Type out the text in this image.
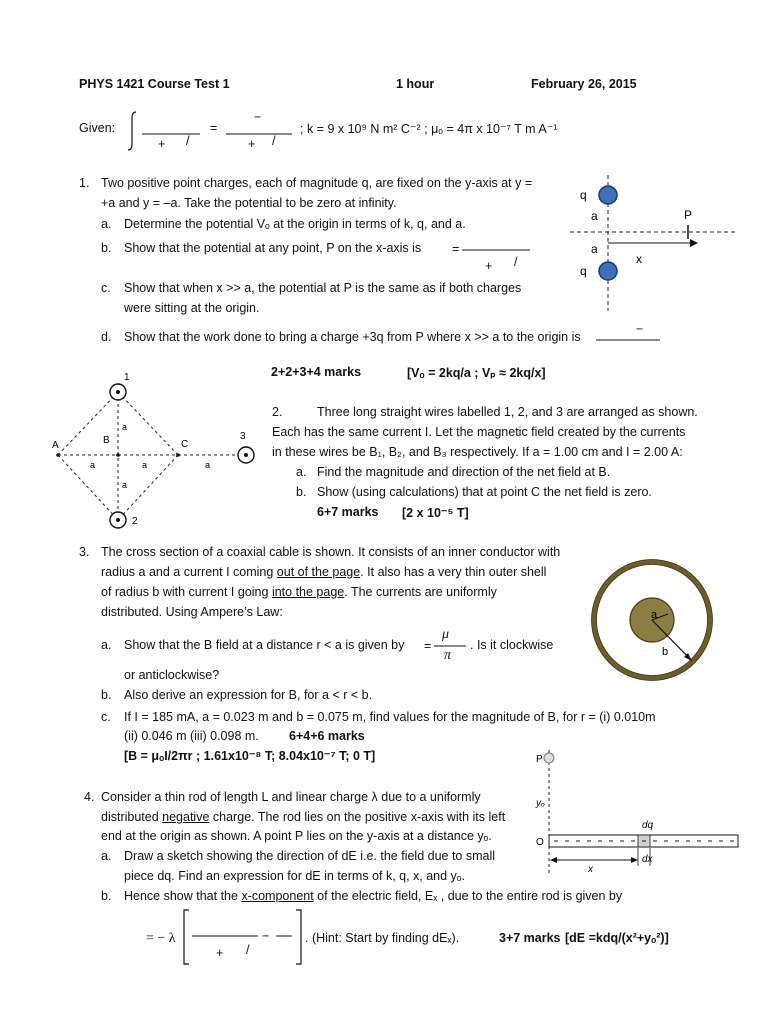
PHYS 1421 Course Test 1	1 hour	February 26, 2015
Given:
+ /
=
−
+ /
; k = 9 x 10⁹ N m² C⁻² ; μₒ = 4π x 10⁻⁷ T m A⁻¹
1. Two positive point charges, each of magnitude q, are fixed on the y-axis at y =
+a and y = –a. Take the potential to be zero at infinity.
a. Determine the potential Vₒ at the origin in terms of k, q, and a.
b. Show that the potential at any point, P on the x-axis is =
+ /
c. Show that when x >> a, the potential at P is the same as if both charges
were sitting at the origin.
d. Show that the work done to bring a charge +3q from P where x >> a to the origin is
−
2+2+3+4 marks	[Vₒ = 2kq/a ; Vₚ ≈ 2kq/x]
q
q
a
a
P
x
1
2
3
A	B	C
a
a
a	a	a
2.	Three long straight wires labelled 1, 2, and 3 are arranged as shown.
Each has the same current I. Let the magnetic field created by the currents
in these wires be B₁, B₂, and B₃ respectively. If a = 1.00 cm and I = 2.00 A:
a. Find the magnitude and direction of the net field at B.
b. Show (using calculations) that at point C the net field is zero.
6+7 marks [2 x 10⁻⁵ T]
3. The cross section of a coaxial cable is shown. It consists of an inner conductor with
radius a and a current I coming out of the page. It also has a very thin outer shell
of radius b with current I going into the page. The currents are uniformly
distributed. Using Ampere’s Law:
a. Show that the B field at a distance r < a is given by =
μ
π
. Is it clockwise
or anticlockwise?
b. Also derive an expression for B, for a < r < b.
c. If I = 185 mA, a = 0.023 m and b = 0.075 m, find values for the magnitude of B, for r = (i) 0.010m
(ii) 0.046 m (iii) 0.098 m. 6+4+6 marks
[B = μₒI/2πr ; 1.61x10⁻⁸ T; 8.04x10⁻⁷ T; 0 T]
a
b
4. Consider a thin rod of length L and linear charge λ due to a uniformly
distributed negative charge. The rod lies on the positive x-axis with its left
end at the origin as shown. A point P lies on the y-axis at a distance yₒ.
a. Draw a sketch showing the direction of dE i.e. the field due to small
piece dq. Find an expression for dE in terms of k, q, x, and yₒ.
b. Hence show that the x-component of the electric field, Eₓ , due to the entire rod is given by
= − λ
+ /
−	. (Hint: Start by finding dEₓ).	3+7 marks [dE =kdq/(x²+yₒ²)]
P
yₒ
O
dq
dx
x
